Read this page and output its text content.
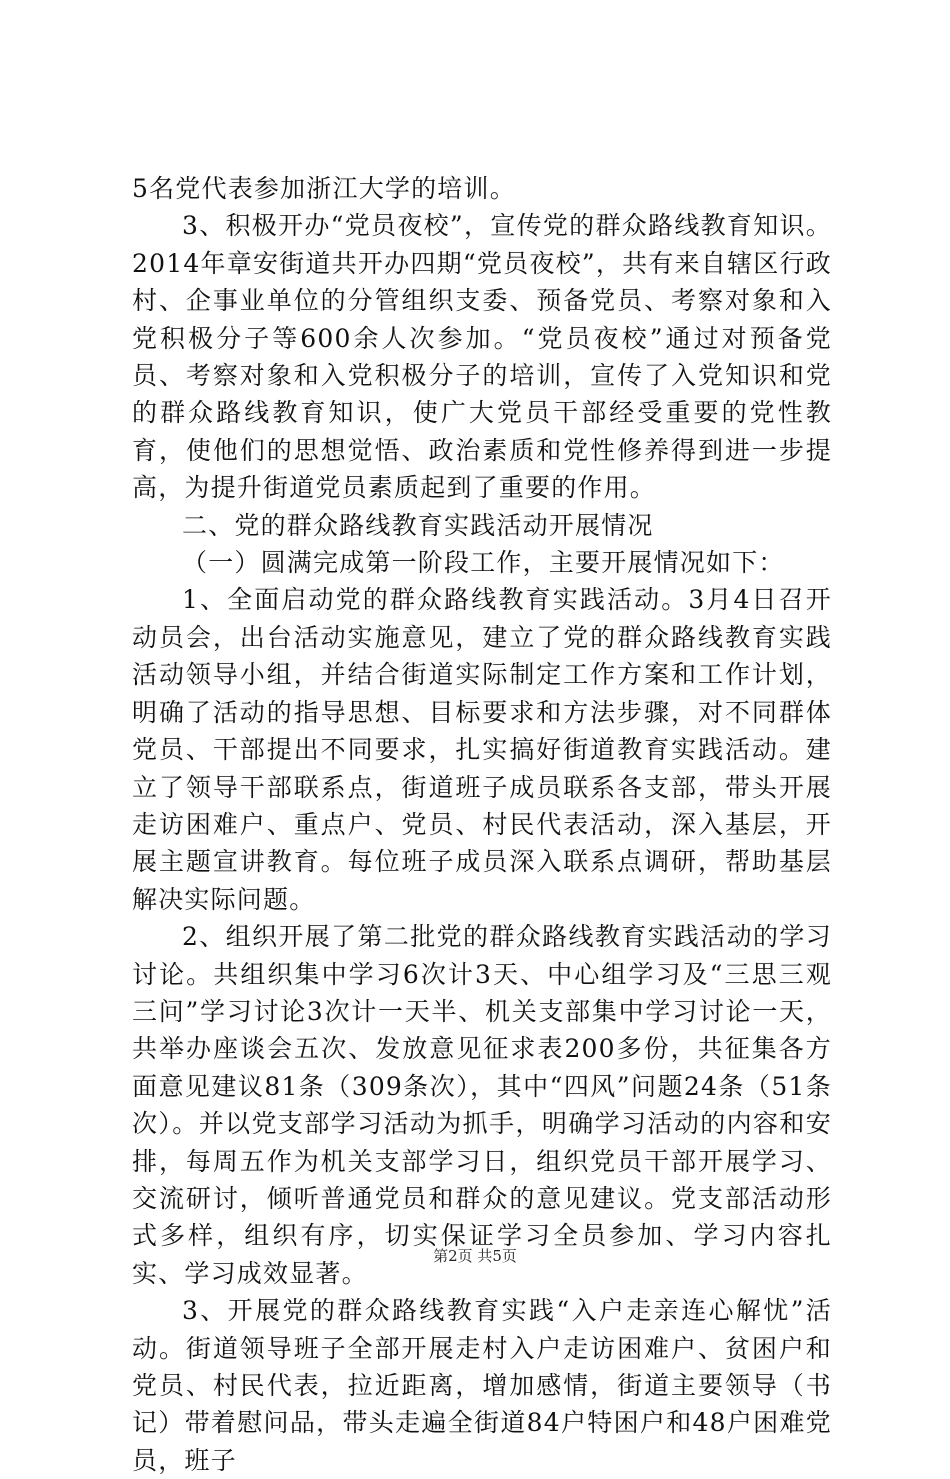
5名党代表参加浙江大学的培训。

3、积极开办“党员夜校”，宣传党的群众路线教育知识。2014年章安街道共开办四期“党员夜校”，共有来自辖区行政村、企事业单位的分管组织支委、预备党员、考察对象和入党积极分子等600余人次参加。“党员夜校”通过对预备党员、考察对象和入党积极分子的培训，宣传了入党知识和党的群众路线教育知识，使广大党员干部经受重要的党性教育，使他们的思想觉悟、政治素质和党性修养得到进一步提高，为提升街道党员素质起到了重要的作用。

二、党的群众路线教育实践活动开展情况

（一）圆满完成第一阶段工作，主要开展情况如下：

1、全面启动党的群众路线教育实践活动。3月4日召开动员会，出台活动实施意见，建立了党的群众路线教育实践活动领导小组，并结合街道实际制定工作方案和工作计划，明确了活动的指导思想、目标要求和方法步骤，对不同群体党员、干部提出不同要求，扎实搞好街道教育实践活动。建立了领导干部联系点，街道班子成员联系各支部，带头开展走访困难户、重点户、党员、村民代表活动，深入基层，开展主题宣讲教育。每位班子成员深入联系点调研，帮助基层解决实际问题。

2、组织开展了第二批党的群众路线教育实践活动的学习讨论。共组织集中学习6次计3天、中心组学习及“三思三观三问”学习讨论3次计一天半、机关支部集中学习讨论一天，共举办座谈会五次、发放意见征求表200多份，共征集各方面意见建议81条（309条次），其中“四风”问题24条（51条次）。并以党支部学习活动为抓手，明确学习活动的内容和安排，每周五作为机关支部学习日，组织党员干部开展学习、交流研讨，倾听普通党员和群众的意见建议。党支部活动形式多样，组织有序，切实保证学习全员参加、学习内容扎实、学习成效显著。

3、开展党的群众路线教育实践“入户走亲连心解忧”活动。街道领导班子全部开展走村入户走访困难户、贫困户和党员、村民代表，拉近距离，增加感情，街道主要领导（书记）带着慰问品，带头走遍全街道84户特困户和48户困难党员，班子

第2页 共5页
